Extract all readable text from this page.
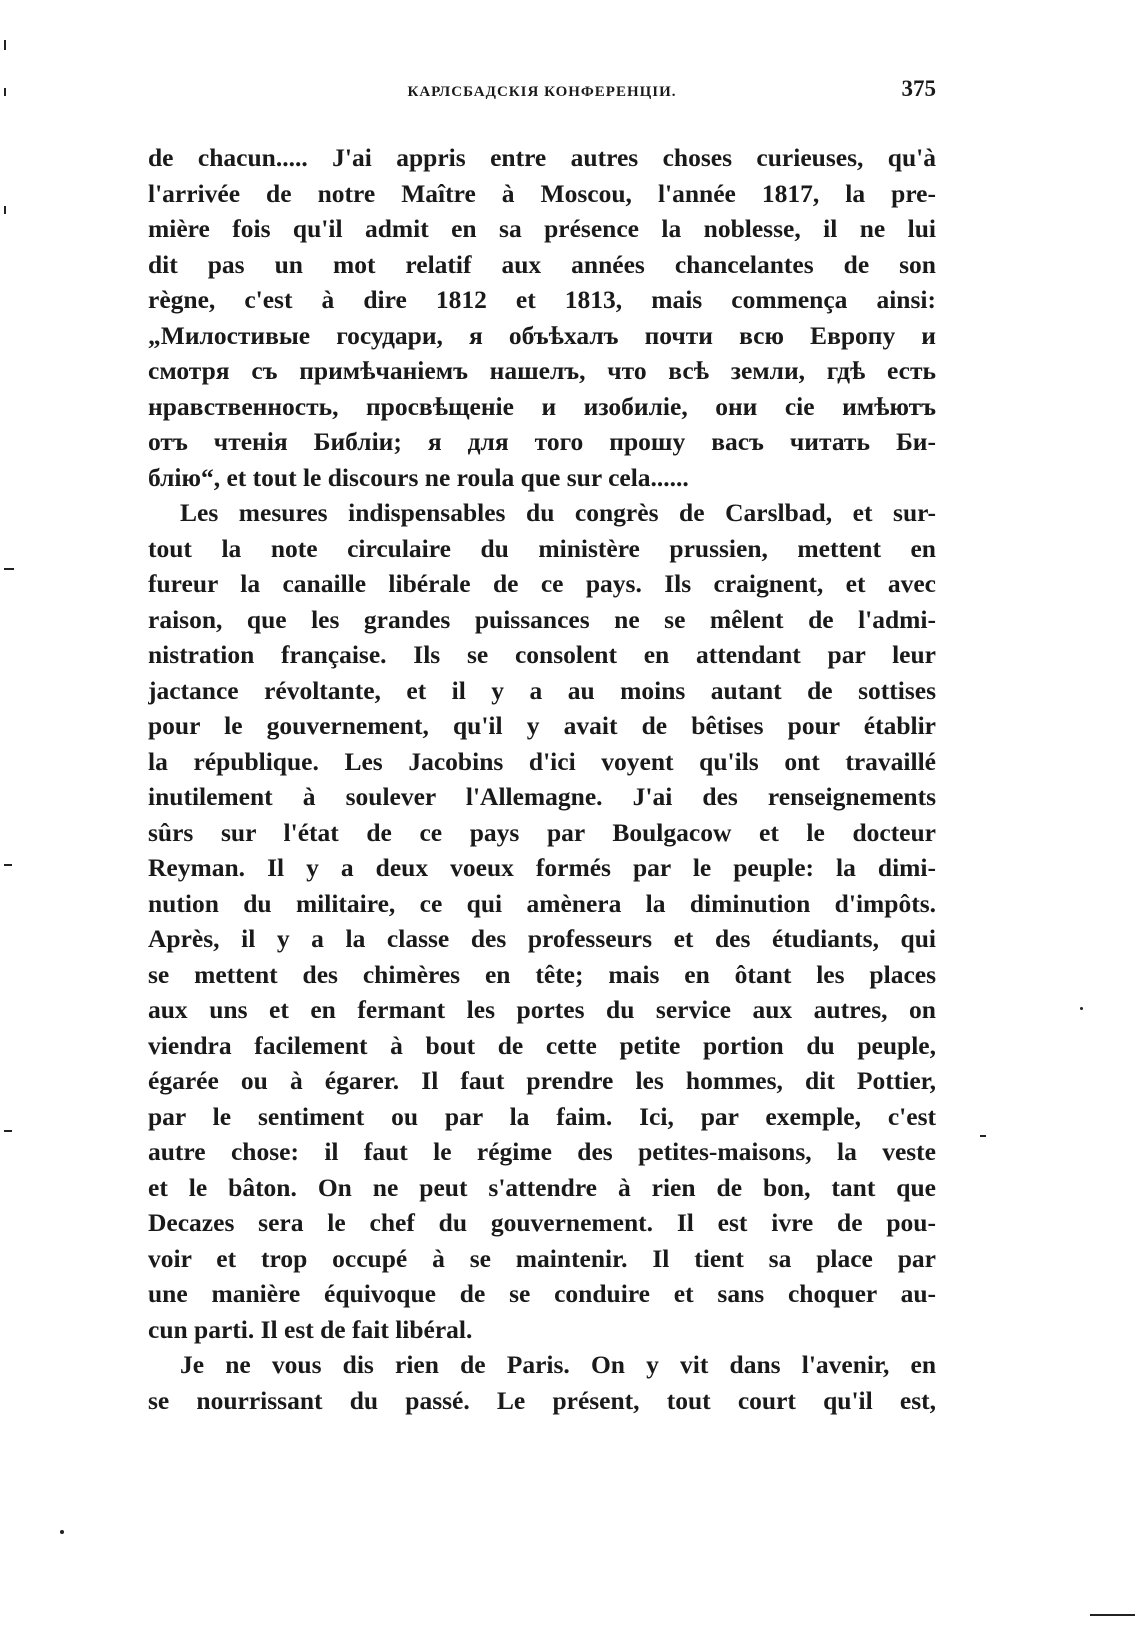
КАРЛСБАДСКІЯ КОНФЕРЕНЦІИ.	375
de chacun..... J'ai appris entre autres choses curieuses, qu'à
l'arrivée de notre Maître à Moscou, l'année 1817, la pre-
mière fois qu'il admit en sa présence la noblesse, il ne lui
dit pas un mot relatif aux années chancelantes de son
règne, c'est à dire 1812 et 1813, mais commença ainsi:
„Милостивые государи, я объѣхалъ почти всю Европу и
смотря съ примѣчаніемъ нашелъ, что всѣ земли, гдѣ есть
нравственность, просвѣщеніе и изобиліе, они сіе имѣютъ
отъ чтенія Библіи; я для того прошу васъ читать Би-
блію“, et tout le discours ne roula que sur cela......
Les mesures indispensables du congrès de Carslbad, et sur-
tout la note circulaire du ministère prussien, mettent en
fureur la canaille libérale de ce pays. Ils craignent, et avec
raison, que les grandes puissances ne se mêlent de l'admi-
nistration française. Ils se consolent en attendant par leur
jactance révoltante, et il y a au moins autant de sottises
pour le gouvernement, qu'il y avait de bêtises pour établir
la république. Les Jacobins d'ici voyent qu'ils ont travaillé
inutilement à soulever l'Allemagne. J'ai des renseignements
sûrs sur l'état de ce pays par Boulgacow et le docteur
Reyman. Il y a deux voeux formés par le peuple: la dimi-
nution du militaire, ce qui amènera la diminution d'impôts.
Après, il y a la classe des professeurs et des étudiants, qui
se mettent des chimères en tête; mais en ôtant les places
aux uns et en fermant les portes du service aux autres, on
viendra facilement à bout de cette petite portion du peuple,
égarée ou à égarer. Il faut prendre les hommes, dit Pottier,
par le sentiment ou par la faim. Ici, par exemple, c'est
autre chose: il faut le régime des petites-maisons, la veste
et le bâton. On ne peut s'attendre à rien de bon, tant que
Decazes sera le chef du gouvernement. Il est ivre de pou-
voir et trop occupé à se maintenir. Il tient sa place par
une manière équivoque de se conduire et sans choquer au-
cun parti. Il est de fait libéral.
Je ne vous dis rien de Paris. On y vit dans l'avenir, en
se nourrissant du passé. Le présent, tout court qu'il est,
